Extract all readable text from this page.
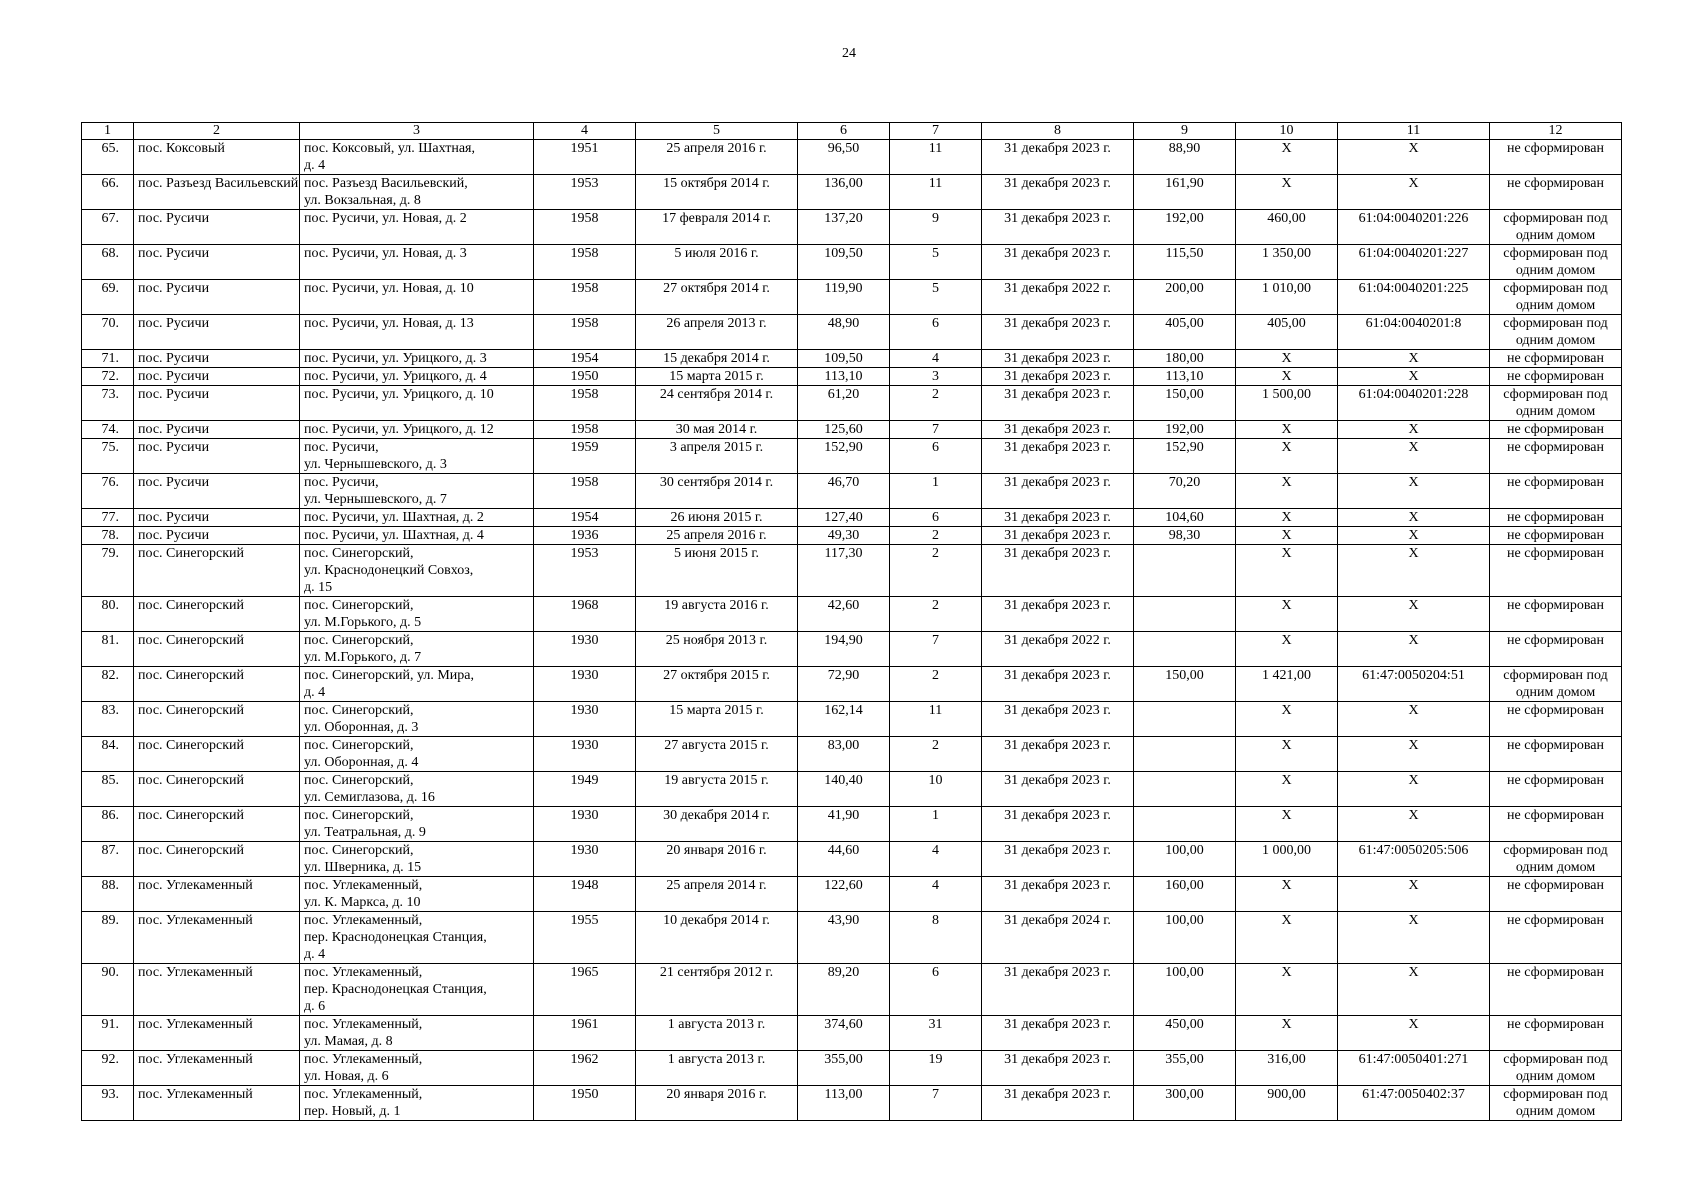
24
1	2	3	4	5	6	7	8	9	10	11	12
65.	пос. Коксовый	пос. Коксовый, ул. Шахтная,
д. 4	1951	25 апреля 2016 г.	96,50	11	31 декабря 2023 г.	88,90	X	X	не сформирован

66.	пос. Разъезд Васильевский	пос. Разъезд Васильевский,
ул. Вокзальная, д. 8	1953	15 октября 2014 г.	136,00	11	31 декабря 2023 г.	161,90	X	X	не сформирован

67.	пос. Русичи	пос. Русичи, ул. Новая, д. 2	1958	17 февраля 2014 г.	137,20	9	31 декабря 2023 г.	192,00	460,00	61:04:0040201:226	сформирован под
одним домом

68.	пос. Русичи	пос. Русичи, ул. Новая, д. 3	1958	5 июля 2016 г.	109,50	5	31 декабря 2023 г.	115,50	1 350,00	61:04:0040201:227	сформирован под
одним домом

69.	пос. Русичи	пос. Русичи, ул. Новая, д. 10	1958	27 октября 2014 г.	119,90	5	31 декабря 2022 г.	200,00	1 010,00	61:04:0040201:225	сформирован под
одним домом

70.	пос. Русичи	пос. Русичи, ул. Новая, д. 13	1958	26 апреля 2013 г.	48,90	6	31 декабря 2023 г.	405,00	405,00	61:04:0040201:8	сформирован под
одним домом

71.	пос. Русичи	пос. Русичи, ул. Урицкого, д. 3	1954	15 декабря 2014 г.	109,50	4	31 декабря 2023 г.	180,00	X	X	не сформирован

72.	пос. Русичи	пос. Русичи, ул. Урицкого, д. 4	1950	15 марта 2015 г.	113,10	3	31 декабря 2023 г.	113,10	X	X	не сформирован

73.	пос. Русичи	пос. Русичи, ул. Урицкого, д. 10	1958	24 сентября 2014 г.	61,20	2	31 декабря 2023 г.	150,00	1 500,00	61:04:0040201:228	сформирован под
одним домом

74.	пос. Русичи	пос. Русичи, ул. Урицкого, д. 12	1958	30 мая 2014 г.	125,60	7	31 декабря 2023 г.	192,00	X	X	не сформирован

75.	пос. Русичи	пос. Русичи,
ул. Чернышевского, д. 3	1959	3 апреля 2015 г.	152,90	6	31 декабря 2023 г.	152,90	X	X	не сформирован

76.	пос. Русичи	пос. Русичи,
ул. Чернышевского, д. 7	1958	30 сентября 2014 г.	46,70	1	31 декабря 2023 г.	70,20	X	X	не сформирован

77.	пос. Русичи	пос. Русичи, ул. Шахтная, д. 2	1954	26 июня 2015 г.	127,40	6	31 декабря 2023 г.	104,60	X	X	не сформирован

78.	пос. Русичи	пос. Русичи, ул. Шахтная, д. 4	1936	25 апреля 2016 г.	49,30	2	31 декабря 2023 г.	98,30	X	X	не сформирован

79.	пос. Синегорский	пос. Синегорский,
ул. Краснодонецкий Совхоз,
д. 15	1953	5 июня 2015 г.	117,30	2	31 декабря 2023 г.		X	X	не сформирован

80.	пос. Синегорский	пос. Синегорский,
ул. М.Горького, д. 5	1968	19 августа 2016 г.	42,60	2	31 декабря 2023 г.		X	X	не сформирован

81.	пос. Синегорский	пос. Синегорский,
ул. М.Горького, д. 7	1930	25 ноября 2013 г.	194,90	7	31 декабря 2022 г.		X	X	не сформирован

82.	пос. Синегорский	пос. Синегорский, ул. Мира,
д. 4	1930	27 октября 2015 г.	72,90	2	31 декабря 2023 г.	150,00	1 421,00	61:47:0050204:51	сформирован под
одним домом

83.	пос. Синегорский	пос. Синегорский,
ул. Оборонная, д. 3	1930	15 марта 2015 г.	162,14	11	31 декабря 2023 г.		X	X	не сформирован

84.	пос. Синегорский	пос. Синегорский,
ул. Оборонная, д. 4	1930	27 августа 2015 г.	83,00	2	31 декабря 2023 г.		X	X	не сформирован

85.	пос. Синегорский	пос. Синегорский,
ул. Семиглазова, д. 16	1949	19 августа 2015 г.	140,40	10	31 декабря 2023 г.		X	X	не сформирован

86.	пос. Синегорский	пос. Синегорский,
ул. Театральная, д. 9	1930	30 декабря 2014 г.	41,90	1	31 декабря 2023 г.		X	X	не сформирован

87.	пос. Синегорский	пос. Синегорский,
ул. Шверника, д. 15	1930	20 января 2016 г.	44,60	4	31 декабря 2023 г.	100,00	1 000,00	61:47:0050205:506	сформирован под
одним домом

88.	пос. Углекаменный	пос. Углекаменный,
ул. К. Маркса, д. 10	1948	25 апреля 2014 г.	122,60	4	31 декабря 2023 г.	160,00	X	X	не сформирован

89.	пос. Углекаменный	пос. Углекаменный,
пер. Краснодонецкая Станция,
д. 4	1955	10 декабря 2014 г.	43,90	8	31 декабря 2024 г.	100,00	X	X	не сформирован

90.	пос. Углекаменный	пос. Углекаменный,
пер. Краснодонецкая Станция,
д. 6	1965	21 сентября 2012 г.	89,20	6	31 декабря 2023 г.	100,00	X	X	не сформирован

91.	пос. Углекаменный	пос. Углекаменный,
ул. Мамая, д. 8	1961	1 августа 2013 г.	374,60	31	31 декабря 2023 г.	450,00	X	X	не сформирован

92.	пос. Углекаменный	пос. Углекаменный,
ул. Новая, д. 6	1962	1 августа 2013 г.	355,00	19	31 декабря 2023 г.	355,00	316,00	61:47:0050401:271	сформирован под
одним домом

93.	пос. Углекаменный	пос. Углекаменный,
пер. Новый, д. 1	1950	20 января 2016 г.	113,00	7	31 декабря 2023 г.	300,00	900,00	61:47:0050402:37	сформирован под
одним домом
